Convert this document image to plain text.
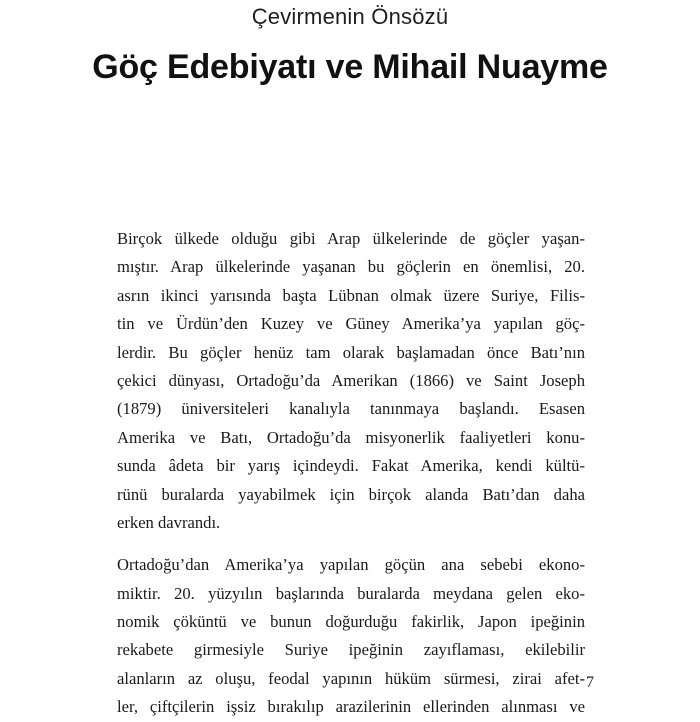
Çevirmenin Önsözü
Göç Edebiyatı ve Mihail Nuayme

Birçok ülkede olduğu gibi Arap ülkelerinde de göçler yaşan-
mıştır. Arap ülkelerinde yaşanan bu göçlerin en önemlisi, 20.
asrın ikinci yarısında başta Lübnan olmak üzere Suriye, Filis-
tin ve Ürdün’den Kuzey ve Güney Amerika’ya yapılan göç-
lerdir. Bu göçler henüz tam olarak başlamadan önce Batı’nın
çekici dünyası, Ortadoğu’da Amerikan (1866) ve Saint Joseph
(1879) üniversiteleri kanalıyla tanınmaya başlandı. Esasen
Amerika ve Batı, Ortadoğu’da misyonerlik faaliyetleri konu-
sunda âdeta bir yarış içindeydi. Fakat Amerika, kendi kültü-
rünü buralarda yayabilmek için birçok alanda Batı’dan daha
erken davrandı.

Ortadoğu’dan Amerika’ya yapılan göçün ana sebebi ekono-
miktir. 20. yüzyılın başlarında buralarda meydana gelen eko-
nomik çöküntü ve bunun doğurduğu fakirlik, Japon ipeğinin
rekabete girmesiyle Suriye ipeğinin zayıflaması, ekilebilir
alanların az oluşu, feodal yapının hüküm sürmesi, zirai afet-
ler, çiftçilerin işsiz bırakılıp arazilerinin ellerinden alınması ve

7
